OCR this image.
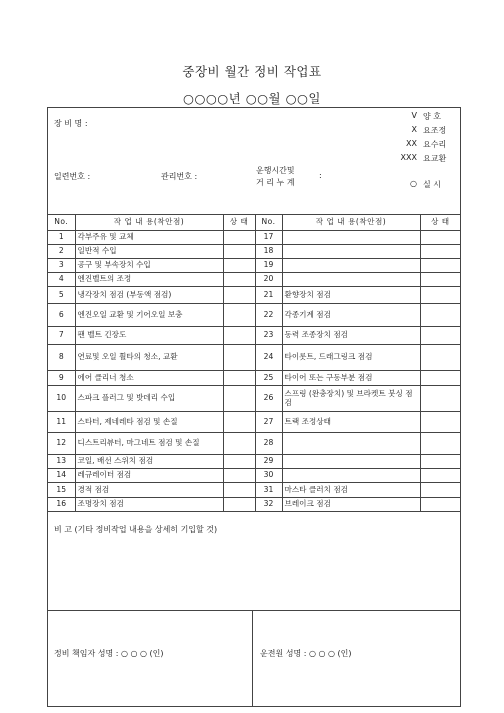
중장비 월간 정비 작업표
○○○○년 ○○월 ○○일
장 비 명 :
일련번호 :	관리번호 :
운행시간및
거 리 누 계
:
V 양 호
X 요조정
XX 요수리
XXX 요교환
○ 실 시
No.	작 업 내 용(착안점)	상 태	No.	작 업 내 용(착안점)	상 태
1	각부주유 및 교체		17		
2	일반적 수입		18		
3	공구 및 부속장치 수입		19		
4	엔진벨트의 조정		20		
5	냉각장치 점검 (부동액 점검)		21	환향장치 점검	
6	엔진오일 교환 및 기어오일 보충		22	각종기계 점검	
7	팬 벨트 긴장도		23	동력 조종장치 점검	
8	연료및 오일 휠타의 청소, 교환		24	타이롯트, 드래그링크 점검	
9	에어 클리너 청소		25	타이어 또는 구동부분 점검	
10	스파크 플러그 및 밧데리 수입		26	스프링 (완충장치) 및 브라켓트 붓싱 점검	
11	스타터, 제네레타 점검 및 손질		27	트랙 조정상태	
12	디스트리뷰터, 마그네트 점검 및 손질		28		
13	코일, 배선 스위치 점검		29		
14	레규레이터 점검		30		
15	경적 점검		31	마스타 클러치 점검	
16	조명장치 점검		32	브레이크 점검	
비 고 (기타 정비작업 내용을 상세히 기입할 것)
정비 책임자 성명 : ○ ○ ○ (인)	운전원 성명 : ○ ○ ○ (인)
